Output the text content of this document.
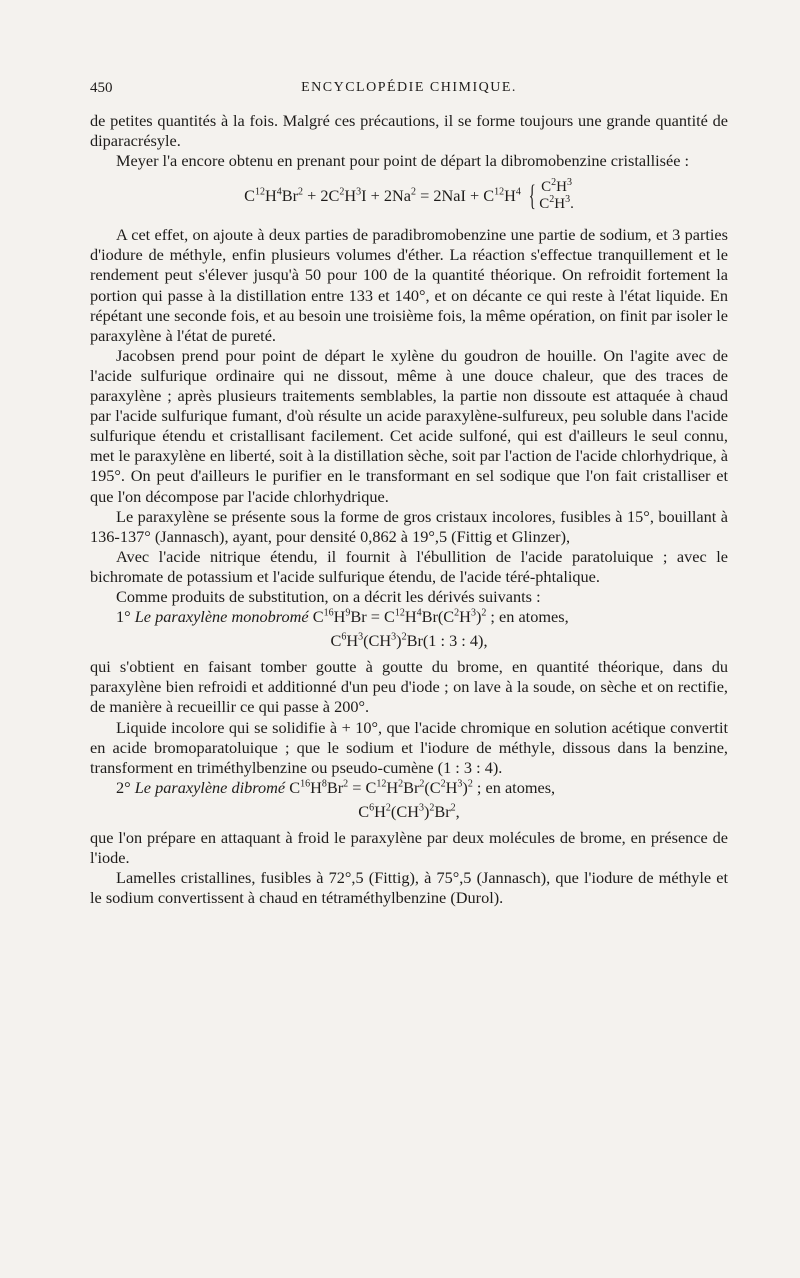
450	ENCYCLOPÉDIE CHIMIQUE.

de petites quantités à la fois. Malgré ces précautions, il se forme toujours une grande quantité de diparacrésyle.

Meyer l'a encore obtenu en prenant pour point de départ la dibromobenzine cristallisée :

$C^{12}H^4Br^2 + 2C^2H^3I + 2Na^2 = 2NaI + C^{12}H^4$ { $C^2H^3$
$C^2H^3$.

A cet effet, on ajoute à deux parties de paradibromobenzine une partie de sodium, et 3 parties d'iodure de méthyle, enfin plusieurs volumes d'éther. La réaction s'effectue tranquillement et le rendement peut s'élever jusqu'à 50 pour 100 de la quantité théorique. On refroidit fortement la portion qui passe à la distillation entre 133 et 140°, et on décante ce qui reste à l'état liquide. En répétant une seconde fois, et au besoin une troisième fois, la même opération, on finit par isoler le paraxylène à l'état de pureté.

Jacobsen prend pour point de départ le xylène du goudron de houille. On l'agite avec de l'acide sulfurique ordinaire qui ne dissout, même à une douce chaleur, que des traces de paraxylène ; après plusieurs traitements semblables, la partie non dissoute est attaquée à chaud par l'acide sulfurique fumant, d'où résulte un acide paraxylène-sulfureux, peu soluble dans l'acide sulfurique étendu et cristallisant facilement. Cet acide sulfoné, qui est d'ailleurs le seul connu, met le paraxylène en liberté, soit à la distillation sèche, soit par l'action de l'acide chlorhydrique, à 195°. On peut d'ailleurs le purifier en le transformant en sel sodique que l'on fait cristalliser et que l'on décompose par l'acide chlorhydrique.

Le paraxylène se présente sous la forme de gros cristaux incolores, fusibles à 15°, bouillant à 136-137° (Jannasch), ayant, pour densité 0,862 à 19°,5 (Fittig et Glinzer),

Avec l'acide nitrique étendu, il fournit à l'ébullition de l'acide paratoluique ; avec le bichromate de potassium et l'acide sulfurique étendu, de l'acide téré-phtalique.

Comme produits de substitution, on a décrit les dérivés suivants :

1° Le paraxylène monobromé $C^{16}H^9Br = C^{12}H^4Br(C^2H^3)^2$ ; en atomes,

$C^6H^3(CH^3)^2Br(1$ : 3 : 4),

qui s'obtient en faisant tomber goutte à goutte du brome, en quantité théorique, dans du paraxylène bien refroidi et additionné d'un peu d'iode ; on lave à la soude, on sèche et on rectifie, de manière à recueillir ce qui passe à 200°.

Liquide incolore qui se solidifie à + 10°, que l'acide chromique en solution acétique convertit en acide bromoparatoluique ; que le sodium et l'iodure de méthyle, dissous dans la benzine, transforment en triméthylbenzine ou pseudo-cumène (1 : 3 : 4).

2° Le paraxylène dibromé $C^{16}H^8Br^2 = C^{12}H^2Br^2(C^2H^3)^2$ ; en atomes,

$C^6H^2(CH^3)^2Br^2$,

que l'on prépare en attaquant à froid le paraxylène par deux molécules de brome, en présence de l'iode.

Lamelles cristallines, fusibles à 72°,5 (Fittig), à 75°,5 (Jannasch), que l'iodure de méthyle et le sodium convertissent à chaud en tétraméthylbenzine (Durol).
